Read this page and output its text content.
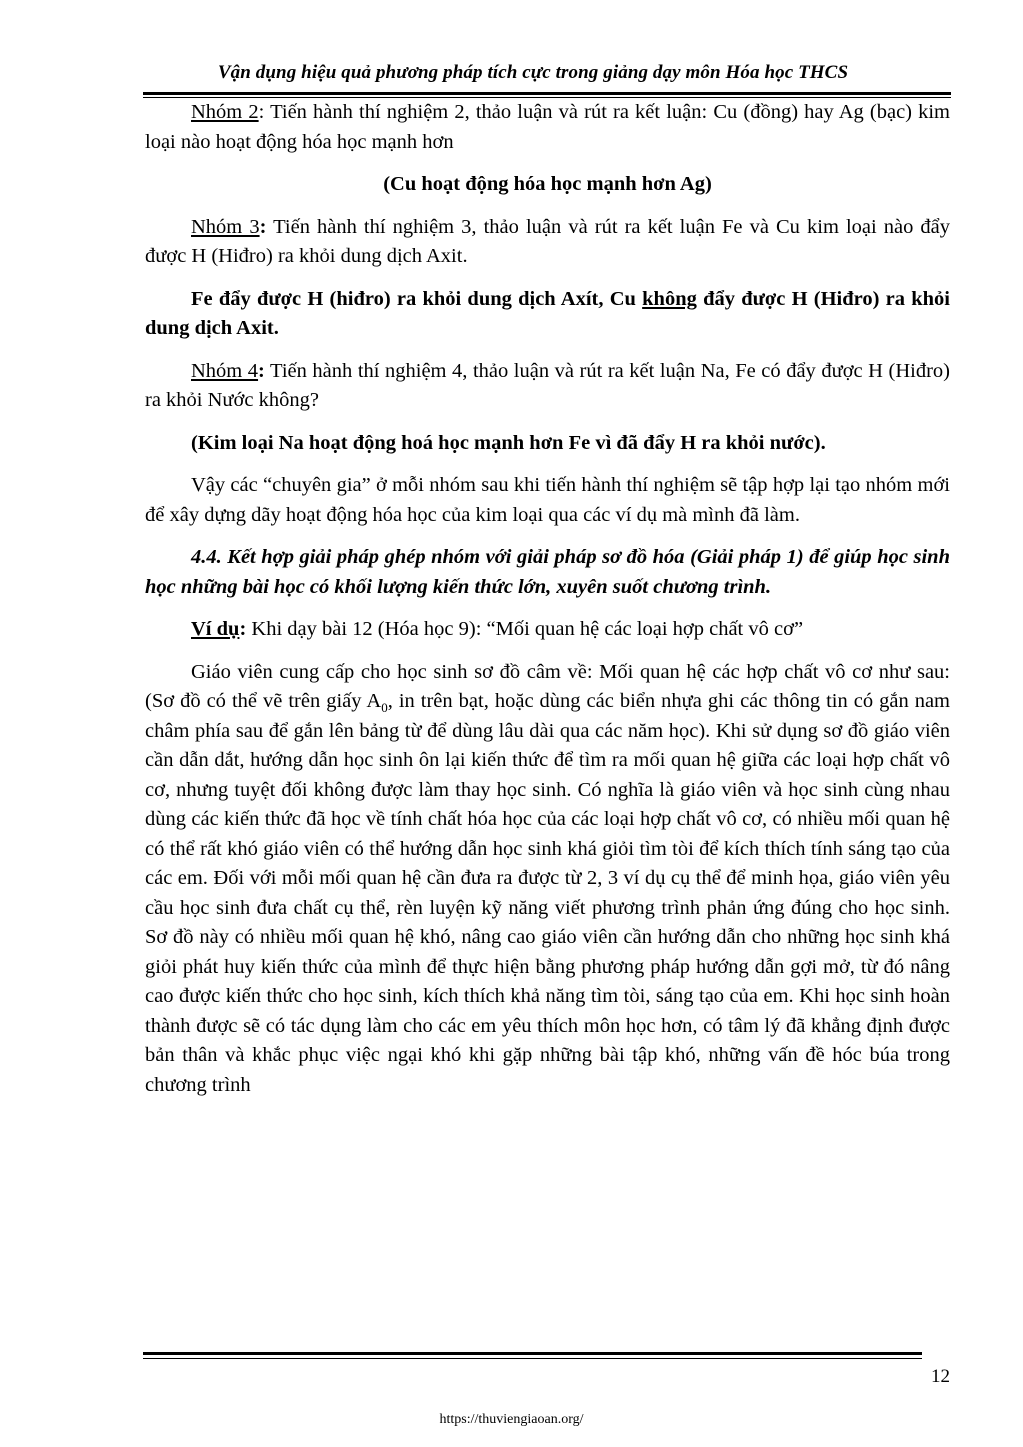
Vận dụng hiệu quả phương pháp tích cực trong giảng dạy môn Hóa học THCS

Nhóm 2: Tiến hành thí nghiệm 2, thảo luận và rút ra kết luận: Cu (đồng) hay Ag (bạc) kim loại nào hoạt động hóa học mạnh hơn

(Cu hoạt động hóa học mạnh hơn Ag)

Nhóm 3: Tiến hành thí nghiệm 3, thảo luận và rút ra kết luận Fe và Cu kim loại nào đẩy được H (Hiđro) ra khỏi dung dịch Axit.

Fe đẩy được H (hiđro) ra khỏi dung dịch Axít, Cu không đẩy được H (Hiđro) ra khỏi dung dịch Axit.

Nhóm 4: Tiến hành thí nghiệm 4, thảo luận và rút ra kết luận Na, Fe có đẩy được H (Hiđro) ra khỏi Nước không?

(Kim loại Na hoạt động hoá học mạnh hơn Fe vì đã đẩy H ra khỏi nước).

Vậy các “chuyên gia” ở mỗi nhóm sau khi tiến hành thí nghiệm sẽ tập hợp lại tạo nhóm mới để xây dựng dãy hoạt động hóa học của kim loại qua các ví dụ mà mình đã làm.

4.4. Kết hợp giải pháp ghép nhóm với giải pháp sơ đồ hóa (Giải pháp 1) để giúp học sinh học những bài học có khối lượng kiến thức lớn, xuyên suốt chương trình.

Ví dụ: Khi dạy bài 12 (Hóa học 9): “Mối quan hệ các loại hợp chất vô cơ”

Giáo viên cung cấp cho học sinh sơ đồ câm về: Mối quan hệ các hợp chất vô cơ như sau: (Sơ đồ có thể vẽ trên giấy $A_0$, in trên bạt, hoặc dùng các biển nhựa ghi các thông tin có gắn nam châm phía sau để gắn lên bảng từ để dùng lâu dài qua các năm học). Khi sử dụng sơ đồ giáo viên cần dẫn dắt, hướng dẫn học sinh ôn lại kiến thức để tìm ra mối quan hệ giữa các loại hợp chất vô cơ, nhưng tuyệt đối không được làm thay học sinh. Có nghĩa là giáo viên và học sinh cùng nhau dùng các kiến thức đã học về tính chất hóa học của các loại hợp chất vô cơ, có nhiều mối quan hệ có thể rất khó giáo viên có thể hướng dẫn học sinh khá giỏi tìm tòi để kích thích tính sáng tạo của các em. Đối với mỗi mối quan hệ cần đưa ra được từ 2, 3 ví dụ cụ thể để minh họa, giáo viên yêu cầu học sinh đưa chất cụ thể, rèn luyện kỹ năng viết phương trình phản ứng đúng cho học sinh. Sơ đồ này có nhiều mối quan hệ khó, nâng cao giáo viên cần hướng dẫn cho những học sinh khá giỏi phát huy kiến thức của mình để thực hiện bằng phương pháp hướng dẫn gợi mở, từ đó nâng cao được kiến thức cho học sinh, kích thích khả năng tìm tòi, sáng tạo của em. Khi học sinh hoàn thành được sẽ có tác dụng làm cho các em yêu thích môn học hơn, có tâm lý đã khẳng định được bản thân và khắc phục việc ngại khó khi gặp những bài tập khó, những vấn đề hóc búa trong chương trình

12
https://thuviengiaoan.org/
